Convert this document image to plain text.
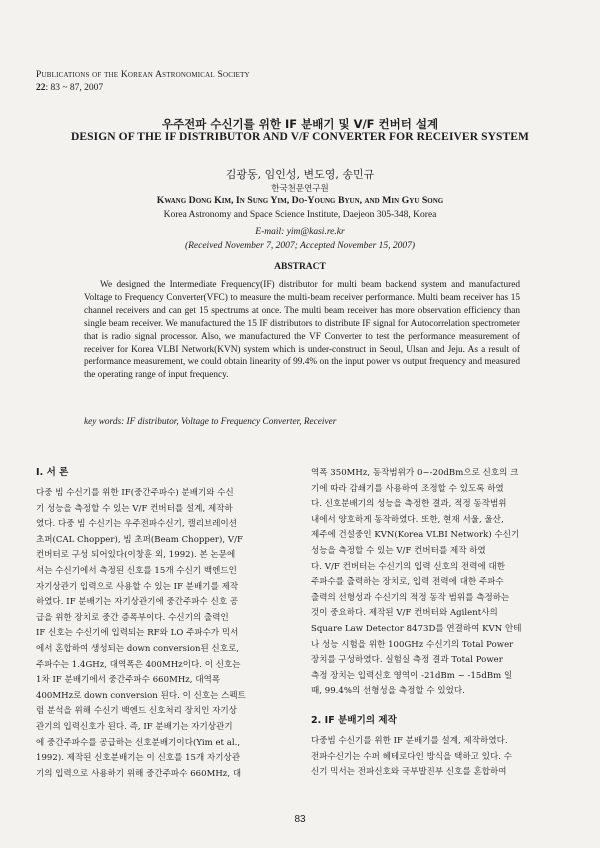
Publications of the Korean Astronomical Society
22: 83 ~ 87, 2007
우주전파 수신기를 위한 IF 분배기 및 V/F 컨버터 설계
DESIGN OF THE IF DISTRIBUTOR AND V/F CONVERTER FOR RECEIVER SYSTEM
김광동, 임인성, 변도영, 송민규
한국천문연구원
Kwang Dong Kim, In Sung Yim, Do-Young Byun, and Min Gyu Song
Korea Astronomy and Space Science Institute, Daejeon 305-348, Korea
E-mail: yim@kasi.re.kr
(Received November 7, 2007; Accepted November 15, 2007)
ABSTRACT

We designed the Intermediate Frequency(IF) distributor for multi beam backend system and manufactured Voltage to Frequency Converter(VFC) to measure the multi-beam receiver performance. Multi beam receiver has 15 channel receivers and can get 15 spectrums at once. The multi beam receiver has more observation efficiency than single beam receiver. We manufactured the 15 IF distributors to distribute IF signal for Autocorrelation spectrometer that is radio signal processor. Also, we manufactured the VF Converter to test the performance measurement of receiver for Korea VLBI Network(KVN) system which is under-construct in Seoul, Ulsan and Jeju. As a result of performance measurement, we could obtain linearity of 99.4% on the input power vs output frequency and measured the operating range of input frequency.

key words: IF distributor, Voltage to Frequency Converter, Receiver
I. 서 론
다중 빔 수신기를 위한 IF(중간주파수) 분배기와 수신
기 성능을 측정할 수 있는 V/F 컨버터를 설계, 제작하
였다. 다중 빔 수신기는 우주전파수신기, 캘리브레이션
초퍼(CAL Chopper), 빔 초퍼(Beam Chopper), V/F
컨버터로 구성 되어있다(이창훈 외, 1992). 본 논문에
서는 수신기에서 측정된 신호를 15개 수신기 백엔드인
자기상관기 입력으로 사용할 수 있는 IF 분배기를 제작
하였다. IF 분배기는 자기상관기에 중간주파수 신호 공
급을 위한 장치로 중간 증폭부이다. 수신기의 출력인
IF 신호는 수신기에 입력되는 RF와 LO 주파수가 믹서
에서 혼합하여 생성되는 down conversion된 신호로,
주파수는 1.4GHz, 대역폭은 400MHz이다. 이 신호는
1차 IF 분배기에서 중간주파수 660MHz, 대역폭
400MHz로 down conversion 된다. 이 신호는 스펙트
럼 분석을 위해 수신기 백엔드 신호처리 장치인 자기상
관기의 입력신호가 된다. 즉, IF 분배기는 자기상관기
에 중간주파수를 공급하는 신호분배기이다(Yim et al.,
1992). 제작된 신호분배기는 이 신호를 15개 자기상관
기의 입력으로 사용하기 위해 중간주파수 660MHz, 대
역폭 350MHz, 동작범위가 0~-20dBm으로 신호의 크
기에 따라 감쇄기를 사용하여 조정할 수 있도록 하였
다. 신호분배기의 성능을 측정한 결과, 적정 동작범위
내에서 양호하게 동작하였다. 또한, 현재 서울, 울산,
제주에 건설중인 KVN(Korea VLBI Network) 수신기
성능을 측정할 수 있는 V/F 컨버터를 제작 하였
다. V/F 컨버터는 수신기의 입력 신호의 전력에 대한
주파수를 출력하는 장치로, 입력 전력에 대한 주파수
출력의 선형성과 수신기의 적정 동작 범위를 측정하는
것이 중요하다. 제작된 V/F 컨버터와 Agilent사의
Square Law Detector 8473D를 연결하여 KVN 안테
나 성능 시험을 위한 100GHz 수신기의 Total Power
장치를 구성하였다. 실험실 측정 결과 Total Power
측정 장치는 입력신호 영역이 -21dBm ~ -15dBm 일
때, 99.4%의 선형성을 측정할 수 있었다.
2. IF 분배기의 제작
다중빔 수신기를 위한 IF 분배기를 설계, 제작하였다.
전파수신기는 수퍼 헤테로다인 방식을 택하고 있다. 수
신기 믹서는 전파신호와 국부발진부 신호를 혼합하여
83
